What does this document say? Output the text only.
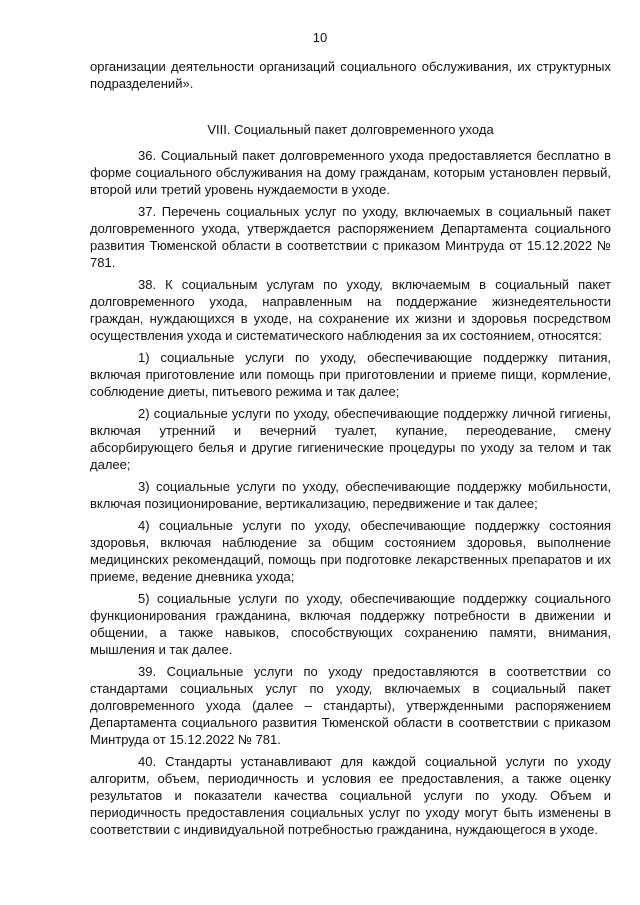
10

организации деятельности организаций социального обслуживания, их структурных подразделений».

VIII. Социальный пакет долговременного ухода

36. Социальный пакет долговременного ухода предоставляется бесплатно в форме социального обслуживания на дому гражданам, которым установлен первый, второй или третий уровень нуждаемости в уходе.

37. Перечень социальных услуг по уходу, включаемых в социальный пакет долговременного ухода, утверждается распоряжением Департамента социального развития Тюменской области в соответствии с приказом Минтруда от 15.12.2022 № 781.

38. К социальным услугам по уходу, включаемым в социальный пакет долговременного ухода, направленным на поддержание жизнедеятельности граждан, нуждающихся в уходе, на сохранение их жизни и здоровья посредством осуществления ухода и систематического наблюдения за их состоянием, относятся:

1) социальные услуги по уходу, обеспечивающие поддержку питания, включая приготовление или помощь при приготовлении и приеме пищи, кормление, соблюдение диеты, питьевого режима и так далее;

2) социальные услуги по уходу, обеспечивающие поддержку личной гигиены, включая утренний и вечерний туалет, купание, переодевание, смену абсорбирующего белья и другие гигиенические процедуры по уходу за телом и так далее;

3) социальные услуги по уходу, обеспечивающие поддержку мобильности, включая позиционирование, вертикализацию, передвижение и так далее;

4) социальные услуги по уходу, обеспечивающие поддержку состояния здоровья, включая наблюдение за общим состоянием здоровья, выполнение медицинских рекомендаций, помощь при подготовке лекарственных препаратов и их приеме, ведение дневника ухода;

5) социальные услуги по уходу, обеспечивающие поддержку социального функционирования гражданина, включая поддержку потребности в движении и общении, а также навыков, способствующих сохранению памяти, внимания, мышления и так далее.

39. Социальные услуги по уходу предоставляются в соответствии со стандартами социальных услуг по уходу, включаемых в социальный пакет долговременного ухода (далее – стандарты), утвержденными распоряжением Департамента социального развития Тюменской области в соответствии с приказом Минтруда от 15.12.2022 № 781.

40. Стандарты устанавливают для каждой социальной услуги по уходу алгоритм, объем, периодичность и условия ее предоставления, а также оценку результатов и показатели качества социальной услуги по уходу. Объем и периодичность предоставления социальных услуг по уходу могут быть изменены в соответствии с индивидуальной потребностью гражданина, нуждающегося в уходе.
